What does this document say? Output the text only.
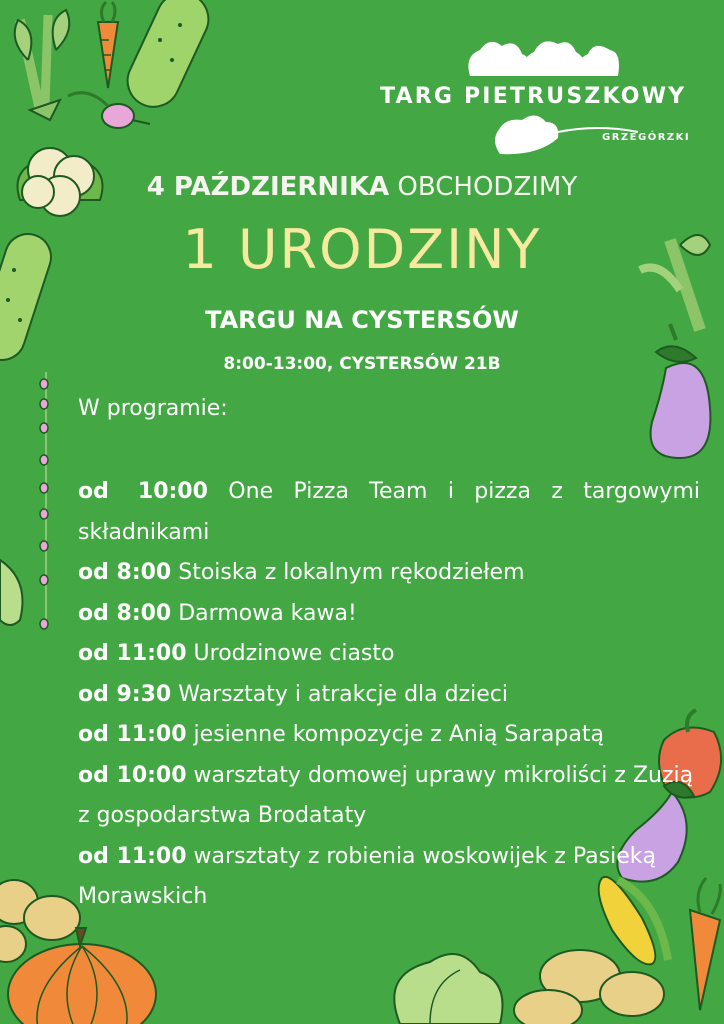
TARG PIETRUSZKOWY
GRZEGÓRZKI
4 PAŹDZIERNIKA OBCHODZIMY
1 URODZINY
TARGU NA CYSTERSÓW
8:00-13:00, CYSTERSÓW 21B
W programie:
od 10:00 One Pizza Team i pizza z targowymi składnikami
od 8:00 Stoiska z lokalnym rękodziełem
od 8:00 Darmowa kawa!
od 11:00 Urodzinowe ciasto
od 9:30 Warsztaty i atrakcje dla dzieci
od 11:00 jesienne kompozycje z Anią Sarapatą
od 10:00 warsztaty domowej uprawy mikroliści z Zuzią z gospodarstwa Brodataty
od 11:00 warsztaty z robienia woskowijek z Pasieką Morawskich
